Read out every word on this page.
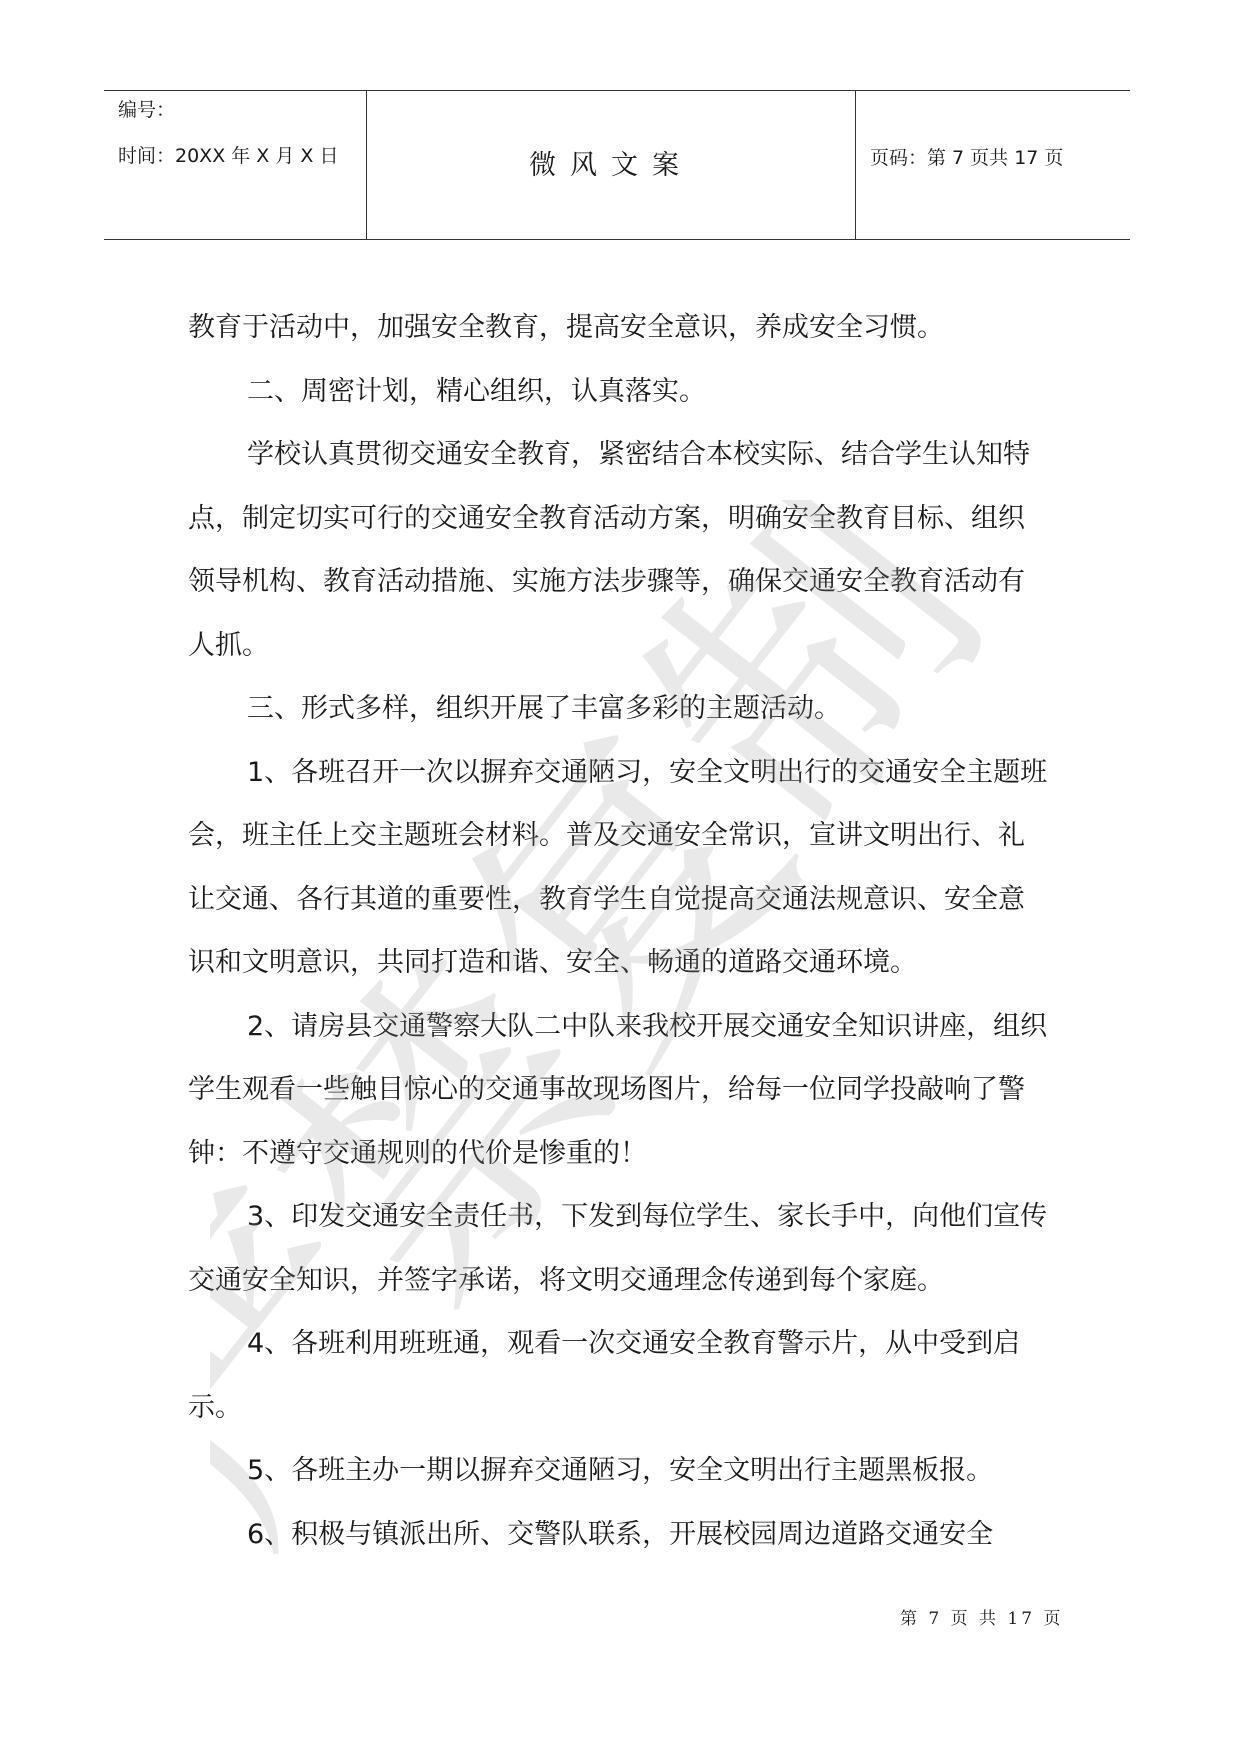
编号：
时间：20XX 年 X 月 X 日	微风文案	页码：第 7 页共 17 页

教育于活动中，加强安全教育，提高安全意识，养成安全习惯。

二、周密计划，精心组织，认真落实。

学校认真贯彻交通安全教育，紧密结合本校实际、结合学生认知特点，制定切实可行的交通安全教育活动方案，明确安全教育目标、组织领导机构、教育活动措施、实施方法步骤等，确保交通安全教育活动有人抓。

三、形式多样，组织开展了丰富多彩的主题活动。

1、各班召开一次以摒弃交通陋习，安全文明出行的交通安全主题班会，班主任上交主题班会材料。普及交通安全常识，宣讲文明出行、礼让交通、各行其道的重要性，教育学生自觉提高交通法规意识、安全意识和文明意识，共同打造和谐、安全、畅通的道路交通环境。

2、请房县交通警察大队二中队来我校开展交通安全知识讲座，组织学生观看一些触目惊心的交通事故现场图片，给每一位同学投敲响了警钟：不遵守交通规则的代价是惨重的！

3、印发交通安全责任书，下发到每位学生、家长手中，向他们宣传交通安全知识，并签字承诺，将文明交通理念传递到每个家庭。

4、各班利用班班通，观看一次交通安全教育警示片，从中受到启示。

5、各班主办一期以摒弃交通陋习，安全文明出行主题黑板报。

6、积极与镇派出所、交警队联系，开展校园周边道路交通安全

严禁复制
第 7 页 共 17 页
